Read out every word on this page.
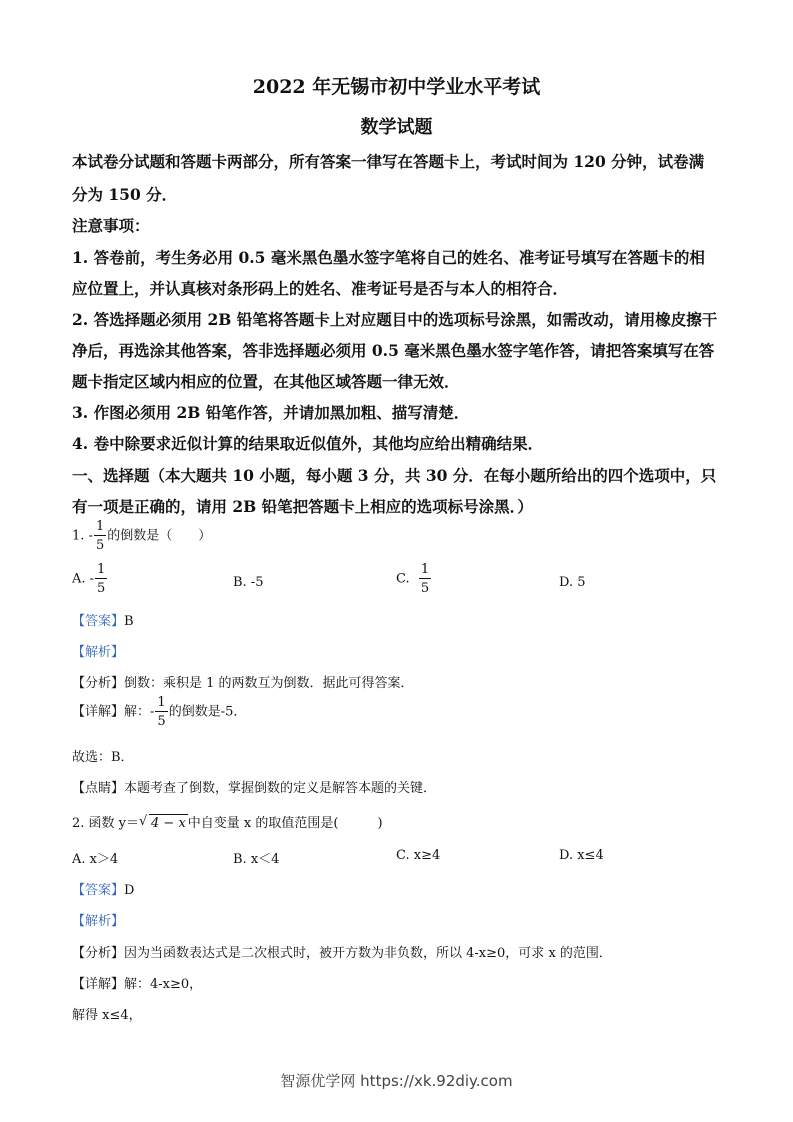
2022 年无锡市初中学业水平考试
数学试题
本试卷分试题和答题卡两部分，所有答案一律写在答题卡上，考试时间为 120 分钟，试卷满
分为 150 分．
注意事项：
1. 答卷前，考生务必用 0.5 毫米黑色墨水签字笔将自己的姓名、准考证号填写在答题卡的相
应位置上，并认真核对条形码上的姓名、准考证号是否与本人的相符合．
2. 答选择题必须用 2B 铅笔将答题卡上对应题目中的选项标号涂黑，如需改动，请用橡皮擦干
净后，再选涂其他答案，答非选择题必须用 0.5 毫米黑色墨水签字笔作答，请把答案填写在答
题卡指定区域内相应的位置，在其他区域答题一律无效．
3. 作图必须用 2B 铅笔作答，并请加黑加粗、描写清楚．
4. 卷中除要求近似计算的结果取近似值外，其他均应给出精确结果．
一、选择题（本大题共 10 小题，每小题 3 分，共 30 分．在每小题所给出的四个选项中，只
有一项是正确的，请用 2B 铅笔把答题卡上相应的选项标号涂黑．）
1. - $\frac{1}{5}$ 的倒数是（　　）
A. - $\frac{1}{5}$	B. -5	C. $\frac{1}{5}$	D. 5
【答案】B
【解析】
【分析】倒数：乘积是 1 的两数互为倒数．据此可得答案．
【详解】解：- $\frac{1}{5}$ 的倒数是-5．
故选：B．
【点睛】本题考查了倒数，掌握倒数的定义是解答本题的关键．
2. 函数 y＝ √ 4 − x 中自变量 x 的取值范围是(　　　)
A. x＞4	B. x＜4	C. x≥4	D. x≤4
【答案】D
【解析】
【分析】因为当函数表达式是二次根式时，被开方数为非负数，所以 4-x≥0，可求 x 的范围．
【详解】解：4-x≥0，
解得 x≤4，
智源优学网 https://xk.92diy.com
